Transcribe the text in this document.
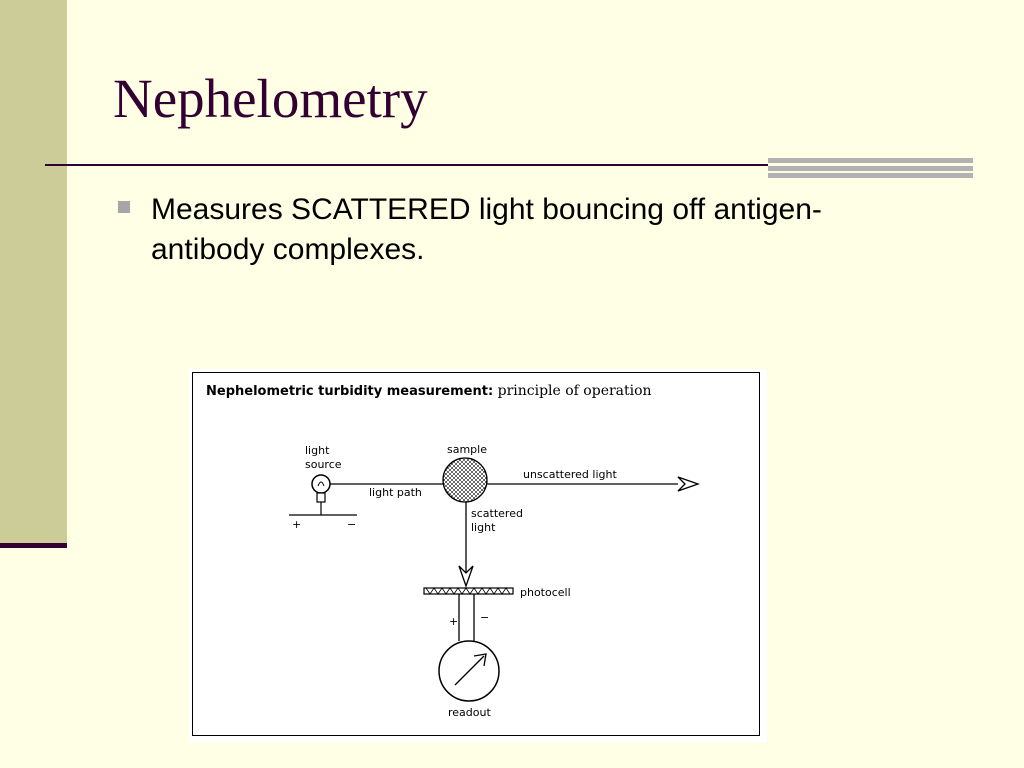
Nephelometry

Measures SCATTERED light bouncing off antigen-antibody complexes.

Nephelometric turbidity measurement: principle of operation

light
source
+	−
light path
unscattered light
sample
scattered
light
photocell
+ −
readout
